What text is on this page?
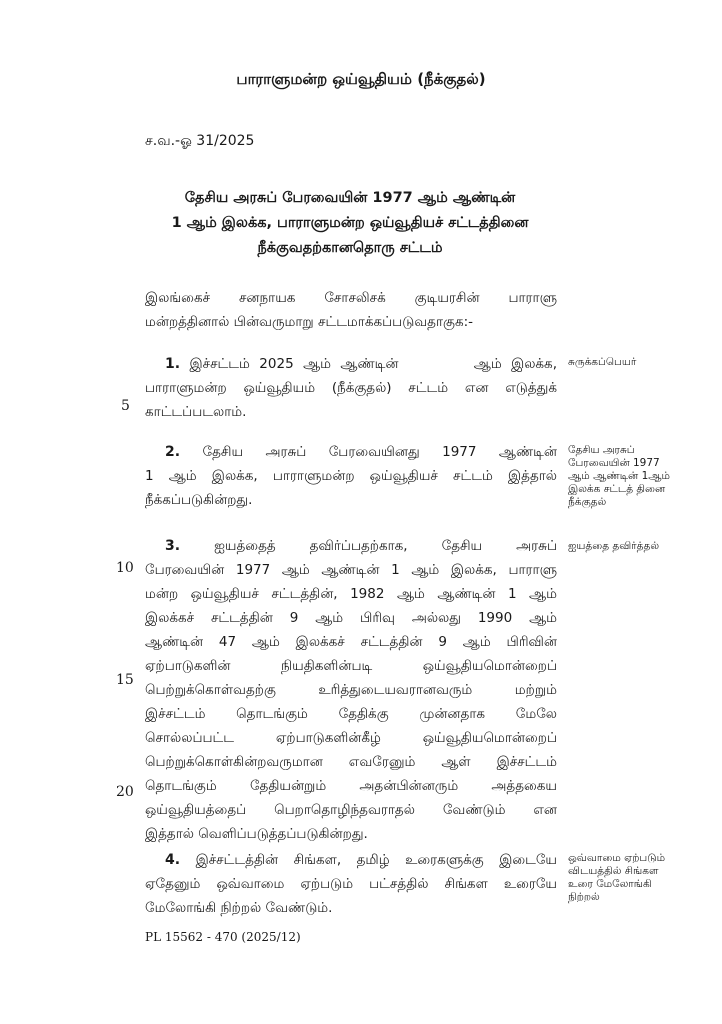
பாராளுமன்ற ஒய்வூதியம் (நீக்குதல்)
ச.வ.-ஓ 31/2025
தேசிய அரசுப் பேரவையின் 1977 ஆம் ஆண்டின்
1 ஆம் இலக்க, பாராளுமன்ற ஒய்வூதியச் சட்டத்தினை
நீக்குவதற்கானதொரு சட்டம்
இலங்கைச் சனநாயக சோசலிசக் குடியரசின் பாராளு
மன்றத்தினால் பின்வருமாறு சட்டமாக்கப்படுவதாகுக:-
1. இச்சட்டம் 2025 ஆம் ஆண்டின்        ஆம் இலக்க,
பாராளுமன்ற ஒய்வூதியம் (நீக்குதல்) சட்டம் என எடுத்துக்
காட்டப்படலாம்.
சுருக்கப்பெயர்
2. தேசிய அரசுப் பேரவையினது 1977 ஆண்டின்
1 ஆம் இலக்க, பாராளுமன்ற ஒய்வூதியச் சட்டம் இத்தால்
நீக்கப்படுகின்றது.
தேசிய அரசுப் பேரவையின் 1977 ஆம் ஆண்டின் 1ஆம் இலக்க சட்டத் தினை நீக்குதல்
3.	ஐயத்தைத் தவிர்ப்பதற்காக, தேசிய அரசுப்
பேரவையின் 1977 ஆம் ஆண்டின் 1 ஆம் இலக்க, பாராளு
மன்ற ஒய்வூதியச் சட்டத்தின், 1982 ஆம் ஆண்டின் 1 ஆம்
இலக்கச் சட்டத்தின் 9 ஆம் பிரிவு அல்லது 1990 ஆம்
ஆண்டின் 47 ஆம் இலக்கச் சட்டத்தின் 9 ஆம் பிரிவின்
ஏற்பாடுகளின் நியதிகளின்படி ஒய்வூதியமொன்றைப்
பெற்றுக்கொள்வதற்கு உரித்துடையவரானவரும் மற்றும்
இச்சட்டம் தொடங்கும் தேதிக்கு முன்னதாக மேலே
சொல்லப்பட்ட ஏற்பாடுகளின்கீழ் ஒய்வூதியமொன்றைப்
பெற்றுக்கொள்கின்றவருமான எவரேனும் ஆள் இச்சட்டம்
தொடங்கும் தேதியன்றும் அதன்பின்னரும் அத்தகைய
ஒய்வூதியத்தைப் பெறாதொழிந்தவராதல் வேண்டும் என
இத்தால் வெளிப்படுத்தப்படுகின்றது.
ஐயத்தை தவிர்த்தல்
4. இச்சட்டத்தின் சிங்கள, தமிழ் உரைகளுக்கு இடையே
ஏதேனும் ஒவ்வாமை ஏற்படும் பட்சத்தில் சிங்கள உரையே
மேலோங்கி நிற்றல் வேண்டும்.
ஒவ்வாமை ஏற்படும் விடயத்தில் சிங்கள உரை மேலோங்கி நிற்றல்
5
10
15
20
PL 15562 - 470 (2025/12)
